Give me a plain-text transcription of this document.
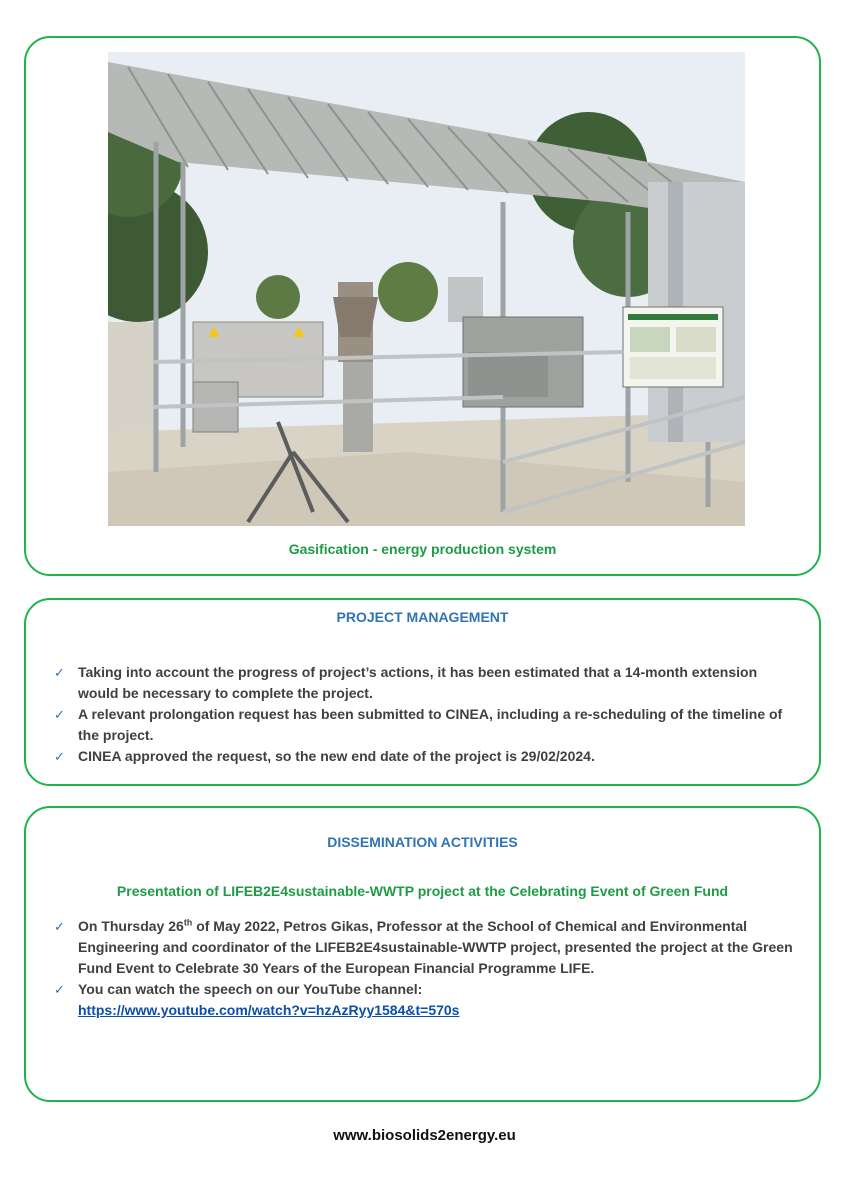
Gasification - energy production system
PROJECT MANAGEMENT
✓ Taking into account the progress of project’s actions, it has been estimated that a 14-month extension would be necessary to complete the project.
✓ A relevant prolongation request has been submitted to CINEA, including a re-scheduling of the timeline of the project.
✓ CINEA approved the request, so the new end date of the project is 29/02/2024.
DISSEMINATION ACTIVITIES
Presentation of LIFEB2E4sustainable-WWTP project at the Celebrating Event of Green Fund
✓ On Thursday 26th of May 2022, Petros Gikas, Professor at the School of Chemical and Environmental Engineering and coordinator of the LIFEB2E4sustainable-WWTP project, presented the project at the Green Fund Event to Celebrate 30 Years of the European Financial Programme LIFE.
✓ You can watch the speech on our YouTube channel:
https://www.youtube.com/watch?v=hzAzRyy1584&t=570s
www.biosolids2energy.eu
